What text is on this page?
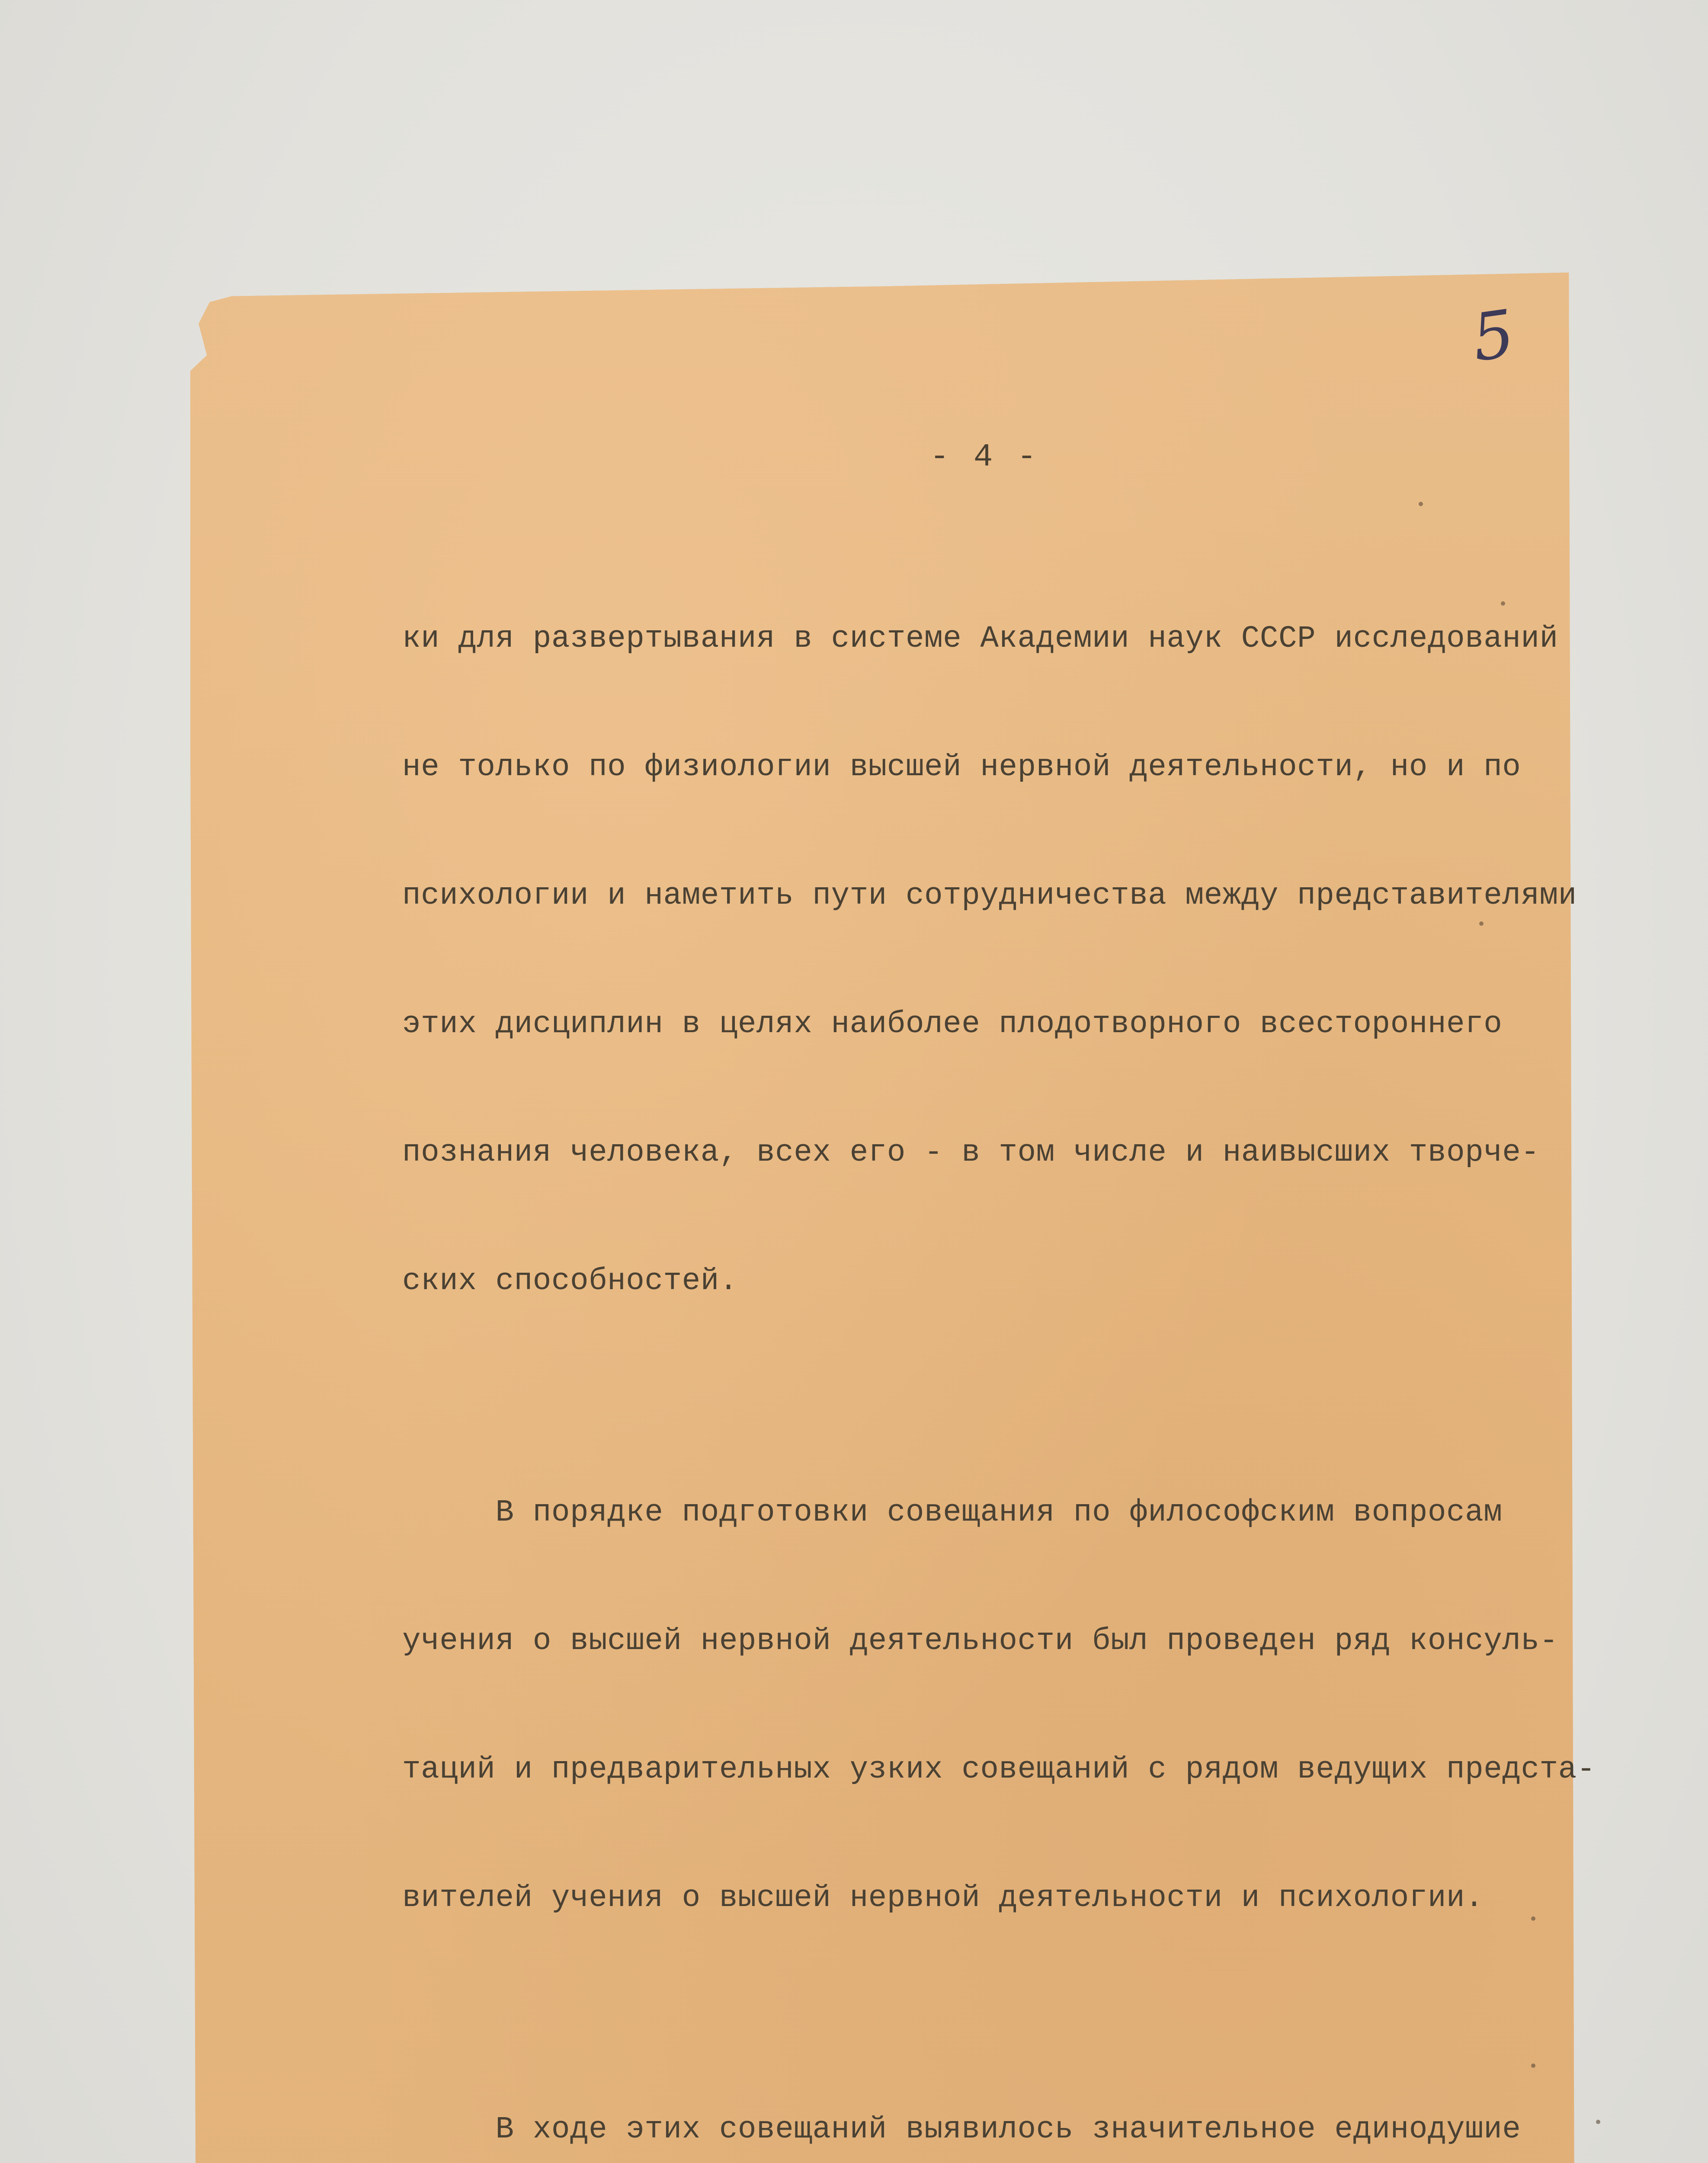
5
- 4 -

ки для развертывания в системе Академии наук СССР исследований

не только по физиологии высшей нервной деятельности, но и по

психологии и наметить пути сотрудничества между представителями

этих дисциплин в целях наиболее плодотворного всестороннего

познания человека, всех его - в том числе и наивысших творче-

ских способностей.

В порядке подготовки совещания по философским вопросам

учения о высшей нервной деятельности был проведен ряд консуль-

таций и предварительных узких совещаний с рядом ведущих предста-

вителей учения о высшей нервной деятельности и психологии.

В ходе этих совещаний выявилось значительное единодушие
